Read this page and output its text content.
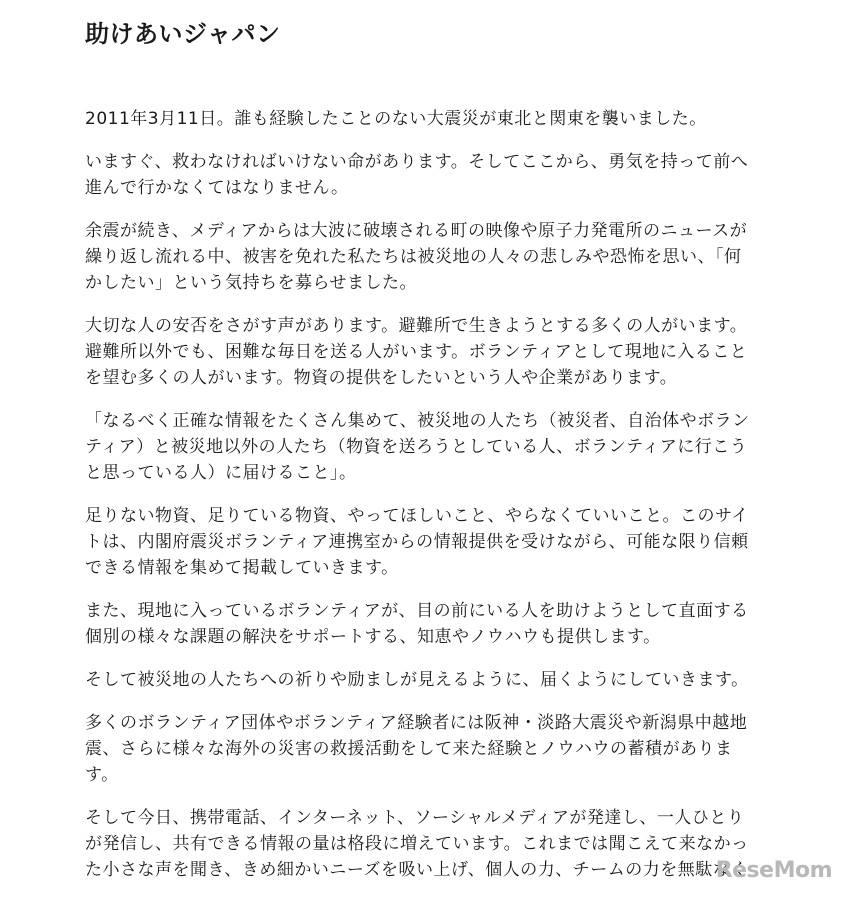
助けあいジャパン

2011年3月11日。誰も経験したことのない大震災が東北と関東を襲いました。

いますぐ、救わなければいけない命があります。そしてここから、勇気を持って前へ
進んで行かなくてはなりません。

余震が続き、メディアからは大波に破壊される町の映像や原子力発電所のニュースが
繰り返し流れる中、被害を免れた私たちは被災地の人々の悲しみや恐怖を思い、「何
かしたい」という気持ちを募らせました。

大切な人の安否をさがす声があります。避難所で生きようとする多くの人がいます。
避難所以外でも、困難な毎日を送る人がいます。ボランティアとして現地に入ること
を望む多くの人がいます。物資の提供をしたいという人や企業があります。

「なるべく正確な情報をたくさん集めて、被災地の人たち（被災者、自治体やボラン
ティア）と被災地以外の人たち（物資を送ろうとしている人、ボランティアに行こう
と思っている人）に届けること」。

足りない物資、足りている物資、やってほしいこと、やらなくていいこと。このサイ
トは、内閣府震災ボランティア連携室からの情報提供を受けながら、可能な限り信頼
できる情報を集めて掲載していきます。

また、現地に入っているボランティアが、目の前にいる人を助けようとして直面する
個別の様々な課題の解決をサポートする、知恵やノウハウも提供します。

そして被災地の人たちへの祈りや励ましが見えるように、届くようにしていきます。

多くのボランティア団体やボランティア経験者には阪神・淡路大震災や新潟県中越地
震、さらに様々な海外の災害の救援活動をして来た経験とノウハウの蓄積がありま
す。

そして今日、携帯電話、インターネット、ソーシャルメディアが発達し、一人ひとり
が発信し、共有できる情報の量は格段に増えています。これまでは聞こえて来なかっ
た小さな声を聞き、きめ細かいニーズを吸い上げ、個人の力、チームの力を無駄なく

ReseMom
